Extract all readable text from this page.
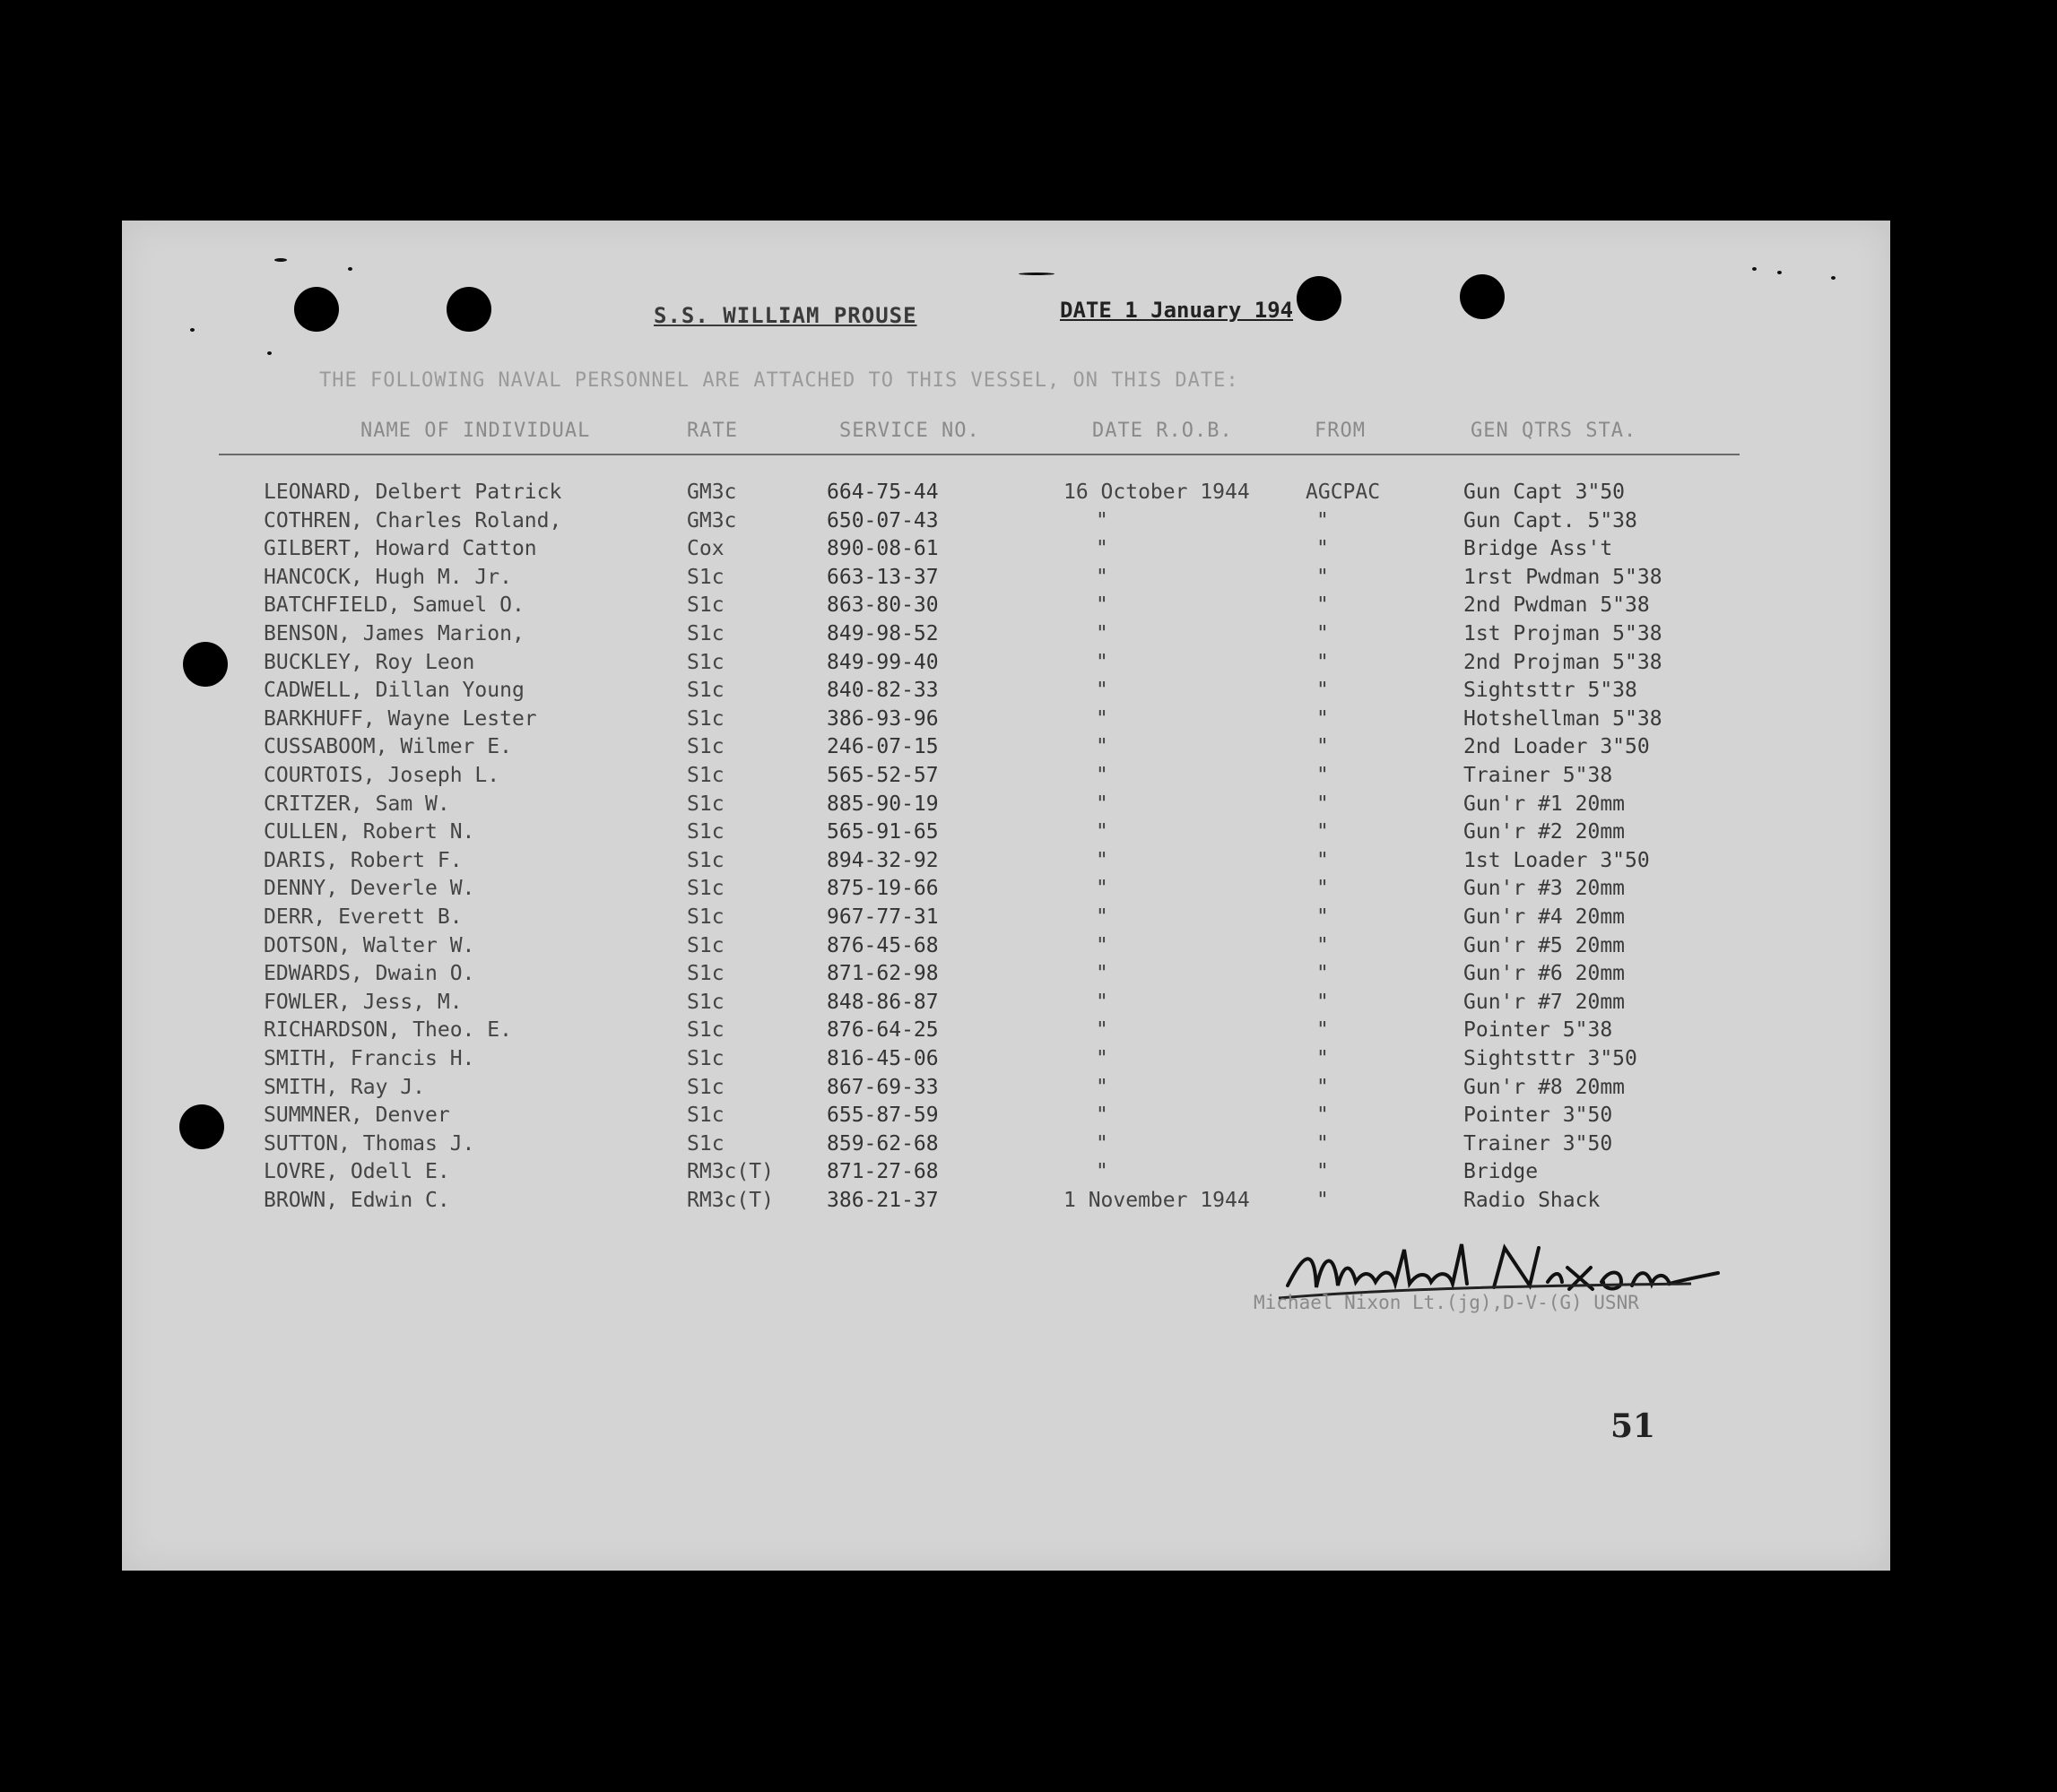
S.S. WILLIAM PROUSE	DATE 1 January 194
THE FOLLOWING NAVAL PERSONNEL ARE ATTACHED TO THIS VESSEL, ON THIS DATE:
NAME OF INDIVIDUAL	RATE	SERVICE NO.	DATE R.O.B.	FROM	GEN QTRS STA.
LEONARD, Delbert Patrick	GM3c	664-75-44	16 October 1944	AGCPAC	Gun Capt 3"50
COTHREN, Charles Roland,	GM3c	650-07-43	"	"	Gun Capt. 5"38
GILBERT, Howard Catton	Cox	890-08-61	"	"	Bridge Ass't
HANCOCK, Hugh M. Jr.	S1c	663-13-37	"	"	1rst Pwdman 5"38
BATCHFIELD, Samuel O.	S1c	863-80-30	"	"	2nd Pwdman 5"38
BENSON, James Marion,	S1c	849-98-52	"	"	1st Projman 5"38
BUCKLEY, Roy Leon	S1c	849-99-40	"	"	2nd Projman 5"38
CADWELL, Dillan Young	S1c	840-82-33	"	"	Sightsttr 5"38
BARKHUFF, Wayne Lester	S1c	386-93-96	"	"	Hotshellman 5"38
CUSSABOOM, Wilmer E.	S1c	246-07-15	"	"	2nd Loader 3"50
COURTOIS, Joseph L.	S1c	565-52-57	"	"	Trainer 5"38
CRITZER, Sam W.	S1c	885-90-19	"	"	Gun'r #1 20mm
CULLEN, Robert N.	S1c	565-91-65	"	"	Gun'r #2 20mm
DARIS, Robert F.	S1c	894-32-92	"	"	1st Loader 3"50
DENNY, Deverle W.	S1c	875-19-66	"	"	Gun'r #3 20mm
DERR, Everett B.	S1c	967-77-31	"	"	Gun'r #4 20mm
DOTSON, Walter W.	S1c	876-45-68	"	"	Gun'r #5 20mm
EDWARDS, Dwain O.	S1c	871-62-98	"	"	Gun'r #6 20mm
FOWLER, Jess, M.	S1c	848-86-87	"	"	Gun'r #7 20mm
RICHARDSON, Theo. E.	S1c	876-64-25	"	"	Pointer 5"38
SMITH, Francis H.	S1c	816-45-06	"	"	Sightsttr 3"50
SMITH, Ray J.	S1c	867-69-33	"	"	Gun'r #8 20mm
SUMMNER, Denver	S1c	655-87-59	"	"	Pointer 3"50
SUTTON, Thomas J.	S1c	859-62-68	"	"	Trainer 3"50
LOVRE, Odell E.	RM3c(T)	871-27-68	"	"	Bridge
BROWN, Edwin C.	RM3c(T)	386-21-37	1 November 1944	"	Radio Shack
Michael Nixon Lt.(jg),D-V-(G) USNR
51
